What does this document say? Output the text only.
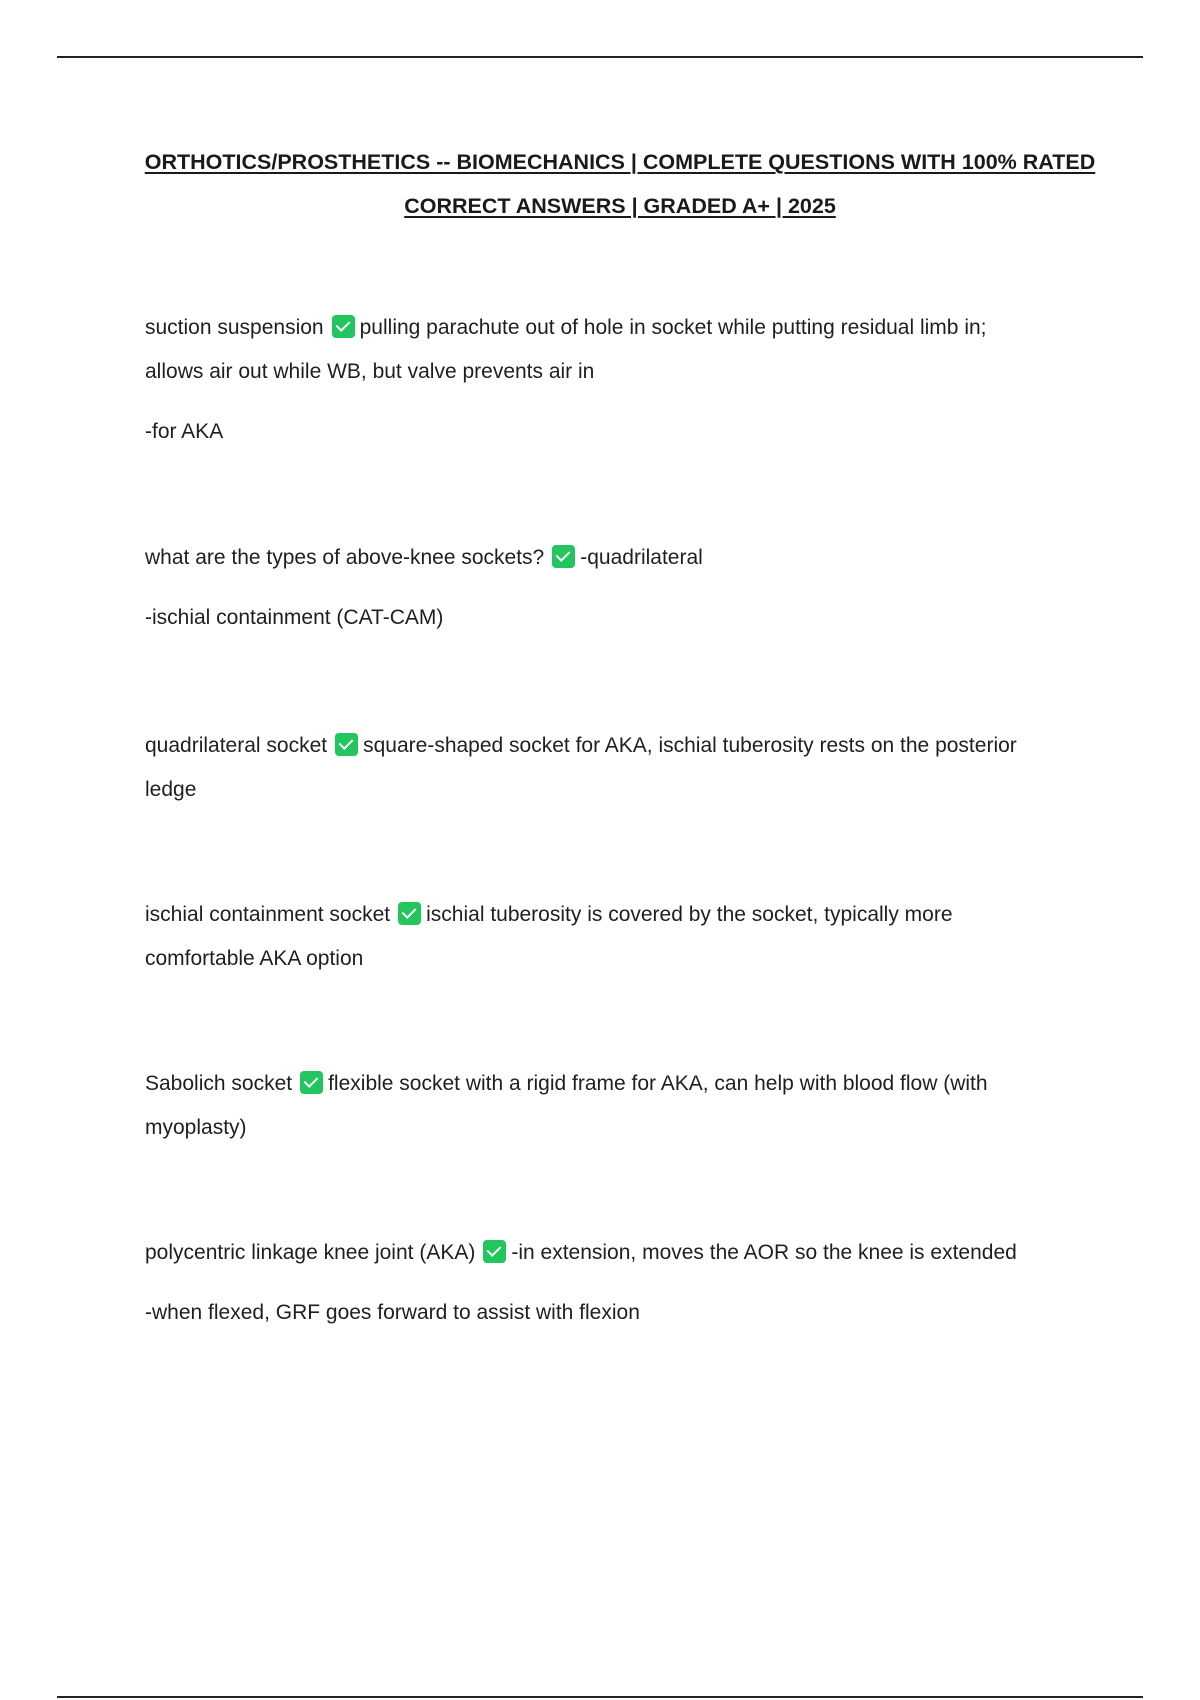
ORTHOTICS/PROSTHETICS -- BIOMECHANICS | COMPLETE QUESTIONS WITH 100% RATED
CORRECT ANSWERS | GRADED A+ | 2025
suction suspension pulling parachute out of hole in socket while putting residual limb in;
allows air out while WB, but valve prevents air in
-for AKA
what are the types of above-knee sockets? -quadrilateral
-ischial containment (CAT-CAM)
quadrilateral socket square-shaped socket for AKA, ischial tuberosity rests on the posterior
ledge
ischial containment socket ischial tuberosity is covered by the socket, typically more
comfortable AKA option
Sabolich socket flexible socket with a rigid frame for AKA, can help with blood flow (with
myoplasty)
polycentric linkage knee joint (AKA) -in extension, moves the AOR so the knee is extended
-when flexed, GRF goes forward to assist with flexion
